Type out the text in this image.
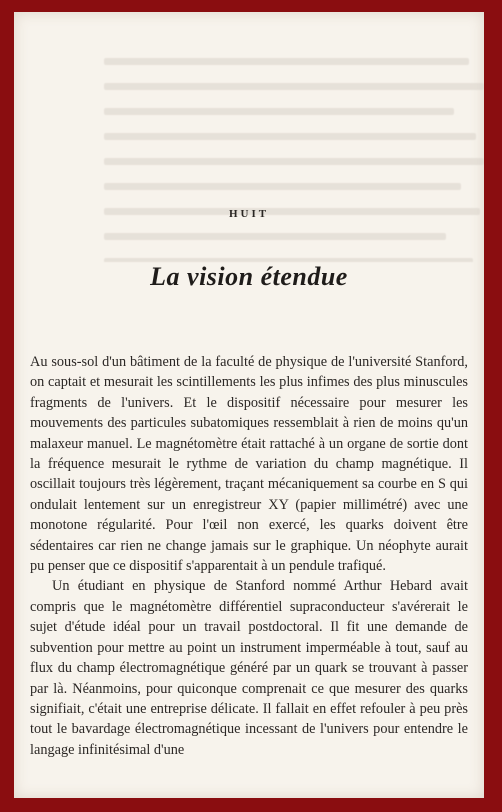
HUIT
La vision étendue

Au sous-sol d'un bâtiment de la faculté de physique de l'université Stanford, on captait et mesurait les scintillements les plus infimes des plus minuscules fragments de l'univers. Et le dispositif nécessaire pour mesurer les mouvements des particules subatomiques ressemblait à rien de moins qu'un malaxeur manuel. Le magnétomètre était rattaché à un organe de sortie dont la fréquence mesurait le rythme de variation du champ magnétique. Il oscillait toujours très légèrement, traçant mécaniquement sa courbe en S qui ondulait lentement sur un enregistreur XY (papier millimétré) avec une monotone régularité. Pour l'œil non exercé, les quarks doivent être sédentaires car rien ne change jamais sur le graphique. Un néophyte aurait pu penser que ce dispositif s'apparentait à un pendule trafiqué.

Un étudiant en physique de Stanford nommé Arthur Hebard avait compris que le magnétomètre différentiel supraconducteur s'avérerait le sujet d'étude idéal pour un travail postdoctoral. Il fit une demande de subvention pour mettre au point un instrument imperméable à tout, sauf au flux du champ électromagnétique généré par un quark se trouvant à passer par là. Néanmoins, pour quiconque comprenait ce que mesurer des quarks signifiait, c'était une entreprise délicate. Il fallait en effet refouler à peu près tout le bavardage électromagnétique incessant de l'univers pour entendre le langage infinitésimal d'une
